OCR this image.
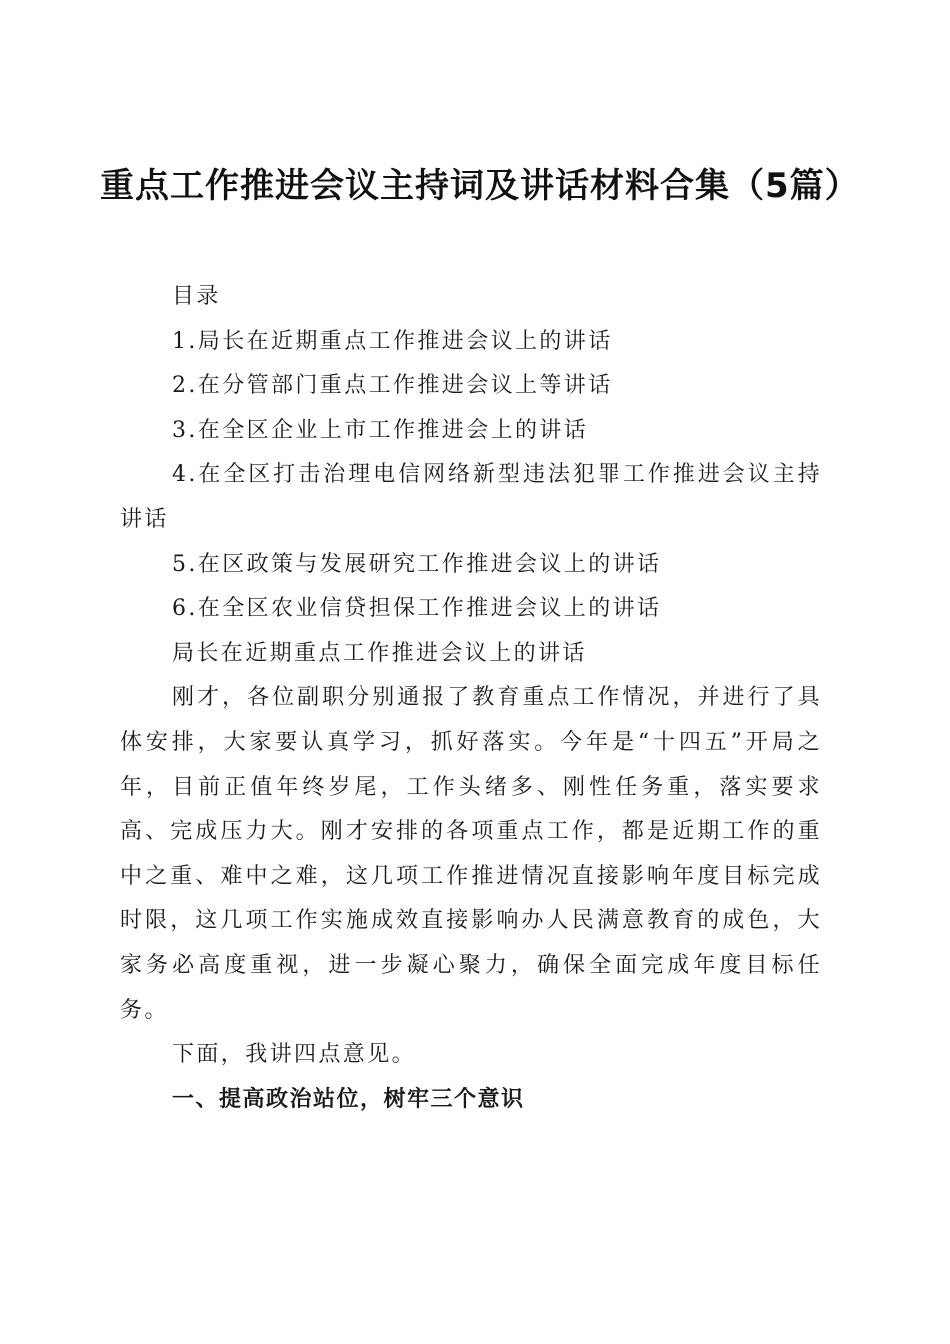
重点工作推进会议主持词及讲话材料合集（5篇）

目录

1.局长在近期重点工作推进会议上的讲话

2.在分管部门重点工作推进会议上等讲话

3.在全区企业上市工作推进会上的讲话

4.在全区打击治理电信网络新型违法犯罪工作推进会议主持讲话

5.在区政策与发展研究工作推进会议上的讲话

6.在全区农业信贷担保工作推进会议上的讲话

局长在近期重点工作推进会议上的讲话

刚才，各位副职分别通报了教育重点工作情况，并进行了具体安排，大家要认真学习，抓好落实。今年是“十四五”开局之年，目前正值年终岁尾，工作头绪多、刚性任务重，落实要求高、完成压力大。刚才安排的各项重点工作，都是近期工作的重中之重、难中之难，这几项工作推进情况直接影响年度目标完成时限，这几项工作实施成效直接影响办人民满意教育的成色，大家务必高度重视，进一步凝心聚力，确保全面完成年度目标任务。

下面，我讲四点意见。

一、提高政治站位，树牢三个意识
